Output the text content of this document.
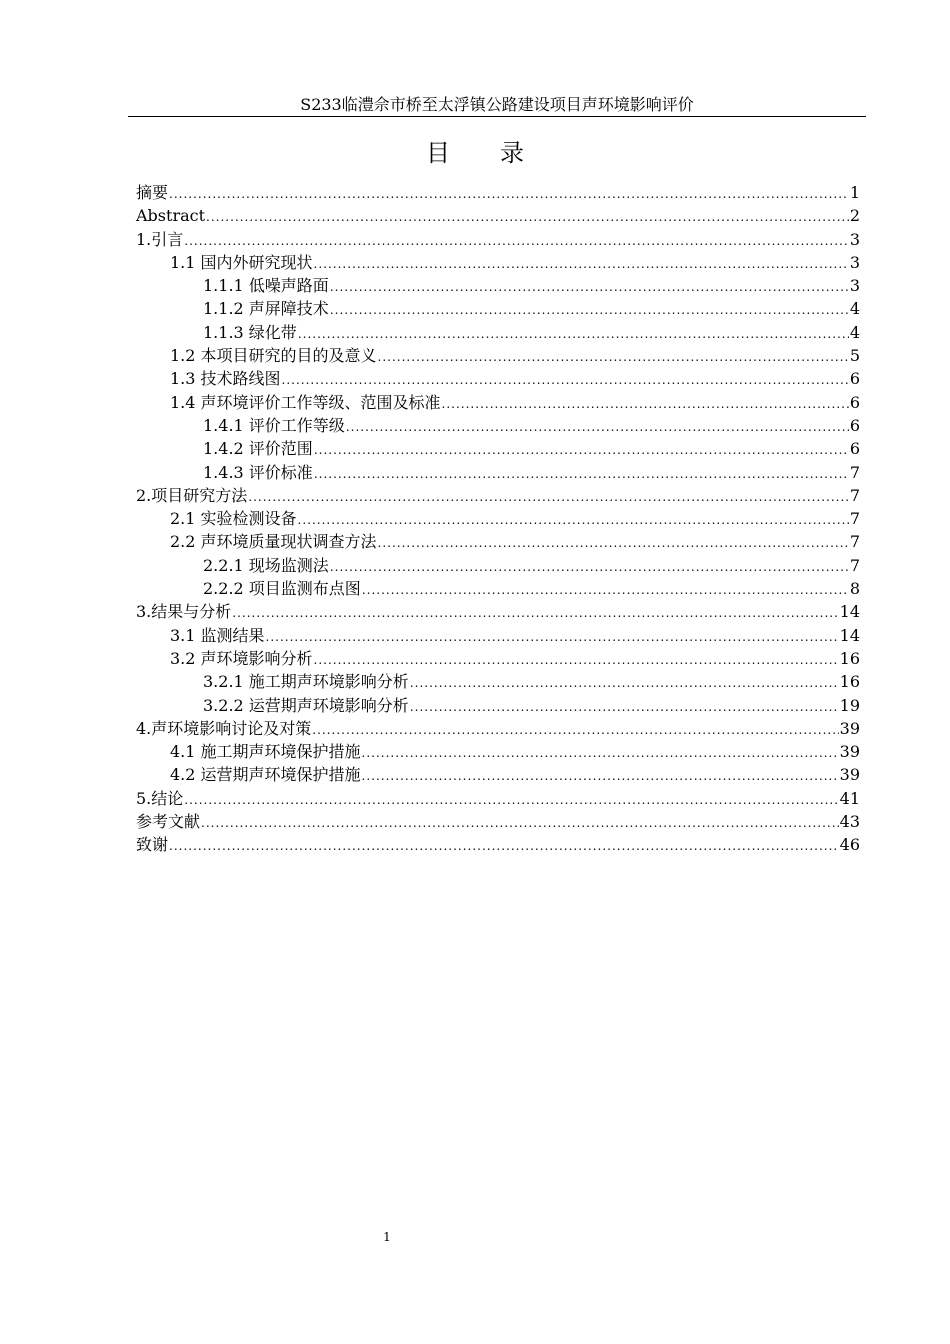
S233临澧佘市桥至太浮镇公路建设项目声环境影响评价
目 录
摘要 .....	1
Abstract .....	2
1.引言 .....	3
1.1 国内外研究现状 .....	3
1.1.1 低噪声路面 .....	3
1.1.2 声屏障技术 .....	4
1.1.3 绿化带 .....	4
1.2 本项目研究的目的及意义 .....	5
1.3 技术路线图 .....	6
1.4 声环境评价工作等级、范围及标准 .....	6
1.4.1 评价工作等级 .....	6
1.4.2 评价范围 .....	6
1.4.3 评价标准 .....	7
2.项目研究方法 .....	7
2.1 实验检测设备 .....	7
2.2 声环境质量现状调查方法 .....	7
2.2.1 现场监测法 .....	7
2.2.2 项目监测布点图 .....	8
3.结果与分析 .....	14
3.1 监测结果 .....	14
3.2 声环境影响分析 .....	16
3.2.1 施工期声环境影响分析 .....	16
3.2.2 运营期声环境影响分析 .....	19
4.声环境影响讨论及对策 .....	39
4.1 施工期声环境保护措施 .....	39
4.2 运营期声环境保护措施 .....	39
5.结论 .....	41
参考文献 .....	43
致谢 .....	46
1
